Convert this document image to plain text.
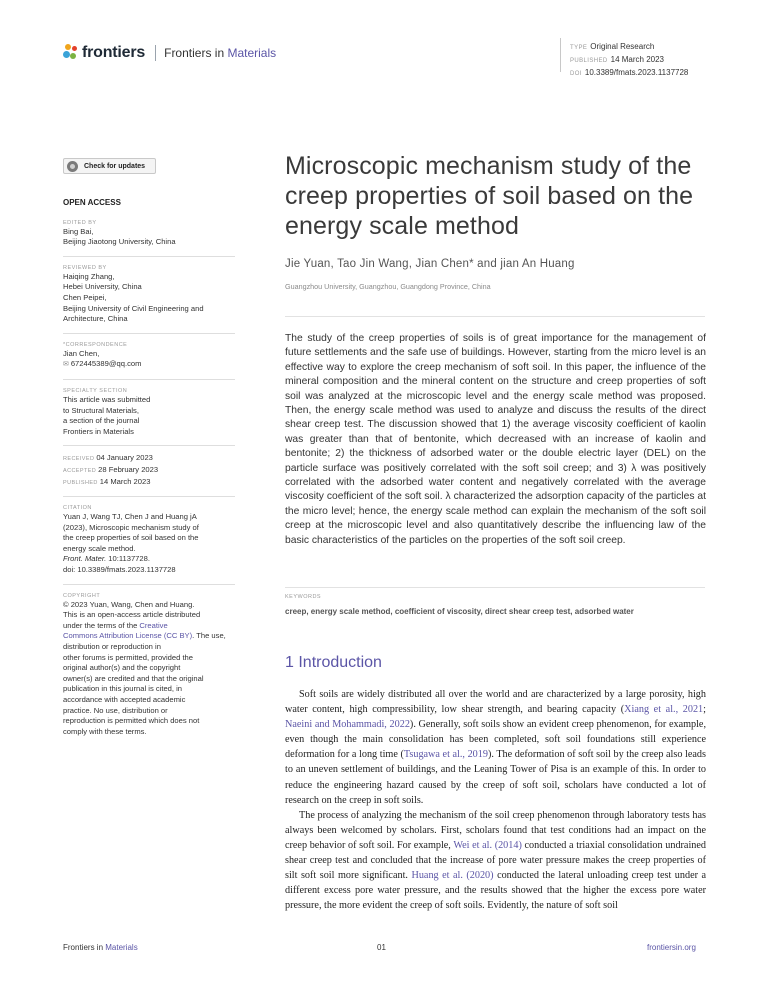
frontiers Frontiers in Materials	TYPE Original Research
PUBLISHED 14 March 2023
DOI 10.3389/fmats.2023.1137728
Check for updates
OPEN ACCESS
EDITED BY
Bing Bai,
Beijing Jiaotong University, China
REVIEWED BY
Haiqing Zhang,
Hebei University, China
Chen Peipei,
Beijing University of Civil Engineering and
Architecture, China
*CORRESPONDENCE
Jian Chen,
✉ 672445389@qq.com
SPECIALTY SECTION
This article was submitted
to Structural Materials,
a section of the journal
Frontiers in Materials
RECEIVED 04 January 2023
ACCEPTED 28 February 2023
PUBLISHED 14 March 2023
CITATION
Yuan J, Wang TJ, Chen J and Huang jA
(2023), Microscopic mechanism study of
the creep properties of soil based on the
energy scale method.
Front. Mater. 10:1137728.
doi: 10.3389/fmats.2023.1137728
COPYRIGHT
© 2023 Yuan, Wang, Chen and Huang.
This is an open-access article distributed
under the terms of the Creative
Commons Attribution License (CC BY). The use, distribution or reproduction in
other forums is permitted, provided the
original author(s) and the copyright
owner(s) are credited and that the original
publication in this journal is cited, in
accordance with accepted academic
practice. No use, distribution or
reproduction is permitted which does not
comply with these terms.
Microscopic mechanism study of the creep properties of soil based on the energy scale method
Jie Yuan, Tao Jin Wang, Jian Chen* and jian An Huang
Guangzhou University, Guangzhou, Guangdong Province, China
The study of the creep properties of soils is of great importance for the management of future settlements and the safe use of buildings. However, starting from the micro level is an effective way to explore the creep mechanism of soft soil. In this paper, the influence of the mineral composition and the mineral content on the structure and creep properties of soft soil was analyzed at the microscopic level and the energy scale method was proposed. Then, the energy scale method was used to analyze and discuss the results of the direct shear creep test. The discussion showed that 1) the average viscosity coefficient of kaolin was greater than that of bentonite, which decreased with an increase of kaolin and bentonite; 2) the thickness of adsorbed water or the double electric layer (DEL) on the particle surface was positively correlated with the soft soil creep; and 3) λ was positively correlated with the adsorbed water content and negatively correlated with the average viscosity coefficient of the soft soil. λ characterized the adsorption capacity of the particles at the micro level; hence, the energy scale method can explain the mechanism of the soft soil creep at the microscopic level and also quantitatively describe the influencing law of the basic characteristics of the particles on the properties of the soft soil creep.
KEYWORDS
creep, energy scale method, coefficient of viscosity, direct shear creep test, adsorbed water
1 Introduction

Soft soils are widely distributed all over the world and are characterized by a large porosity, high water content, high compressibility, low shear strength, and bearing capacity (Xiang et al., 2021; Naeini and Mohammadi, 2022). Generally, soft soils show an evident creep phenomenon, for example, even though the main consolidation has been completed, soft soil foundations still experience deformation for a long time (Tsugawa et al., 2019). The deformation of soft soil by the creep also leads to an uneven settlement of buildings, and the Leaning Tower of Pisa is an example of this. In order to reduce the engineering hazard caused by the creep of soft soil, scholars have conducted a lot of research on the creep in soft soils.

The process of analyzing the mechanism of the soil creep phenomenon through laboratory tests has always been welcomed by scholars. First, scholars found that test conditions had an impact on the creep behavior of soft soil. For example, Wei et al. (2014) conducted a triaxial consolidation undrained shear creep test and concluded that the increase of pore water pressure makes the creep properties of silt soft soil more significant. Huang et al. (2020) conducted the lateral unloading creep test under a different excess pore water pressure, and the results showed that the higher the excess pore water pressure, the more evident the creep of soft soils. Evidently, the nature of soft soil

Frontiers in Materials	01	frontiersin.org
